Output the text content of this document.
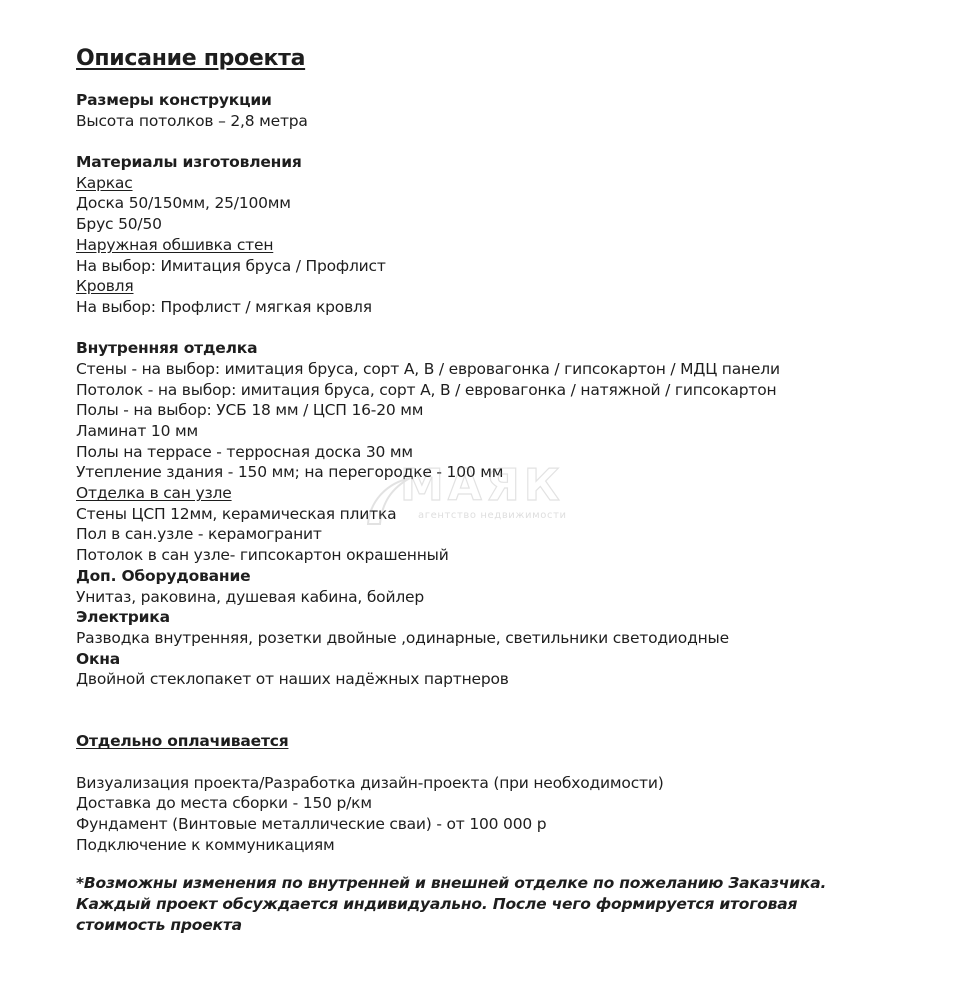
Описание проекта
Размеры конструкции
Высота потолков – 2,8 метра
Материалы изготовления
Каркас
Доска 50/150мм, 25/100мм
Брус 50/50
Наружная обшивка стен
На выбор: Имитация бруса / Профлист
Кровля
На выбор: Профлист / мягкая кровля
Внутренняя отделка
Стены - на выбор: имитация бруса, сорт А, В / евровагонка / гипсокартон / МДЦ панели
Потолок - на выбор: имитация бруса, сорт А, В / евровагонка / натяжной / гипсокартон
Полы - на выбор: УСБ 18 мм / ЦСП 16-20 мм
Ламинат 10 мм
Полы на террасе - терросная доска 30 мм
Утепление здания - 150 мм; на перегородке - 100 мм
Отделка в сан узле
Стены ЦСП 12мм, керамическая плитка
Пол в сан.узле - керамогранит
Потолок в сан узле- гипсокартон окрашенный
Доп. Оборудование
Унитаз, раковина, душевая кабина, бойлер
Электрика
Разводка внутренняя, розетки двойные ,одинарные, светильники светодиодные
Окна
Двойной стеклопакет от наших надёжных партнеров
Отдельно оплачивается
Визуализация проекта/Разработка дизайн-проекта (при необходимости)
Доставка до места сборки - 150 р/км
Фундамент (Винтовые металлические сваи) - от 100 000 р
Подключение к коммуникациям
*Возможны изменения по внутренней и внешней отделке по пожеланию Заказчика.
Каждый проект обсуждается индивидуально. После чего формируется итоговая
стоимость проекта
МАЯК
агентство недвижимости
